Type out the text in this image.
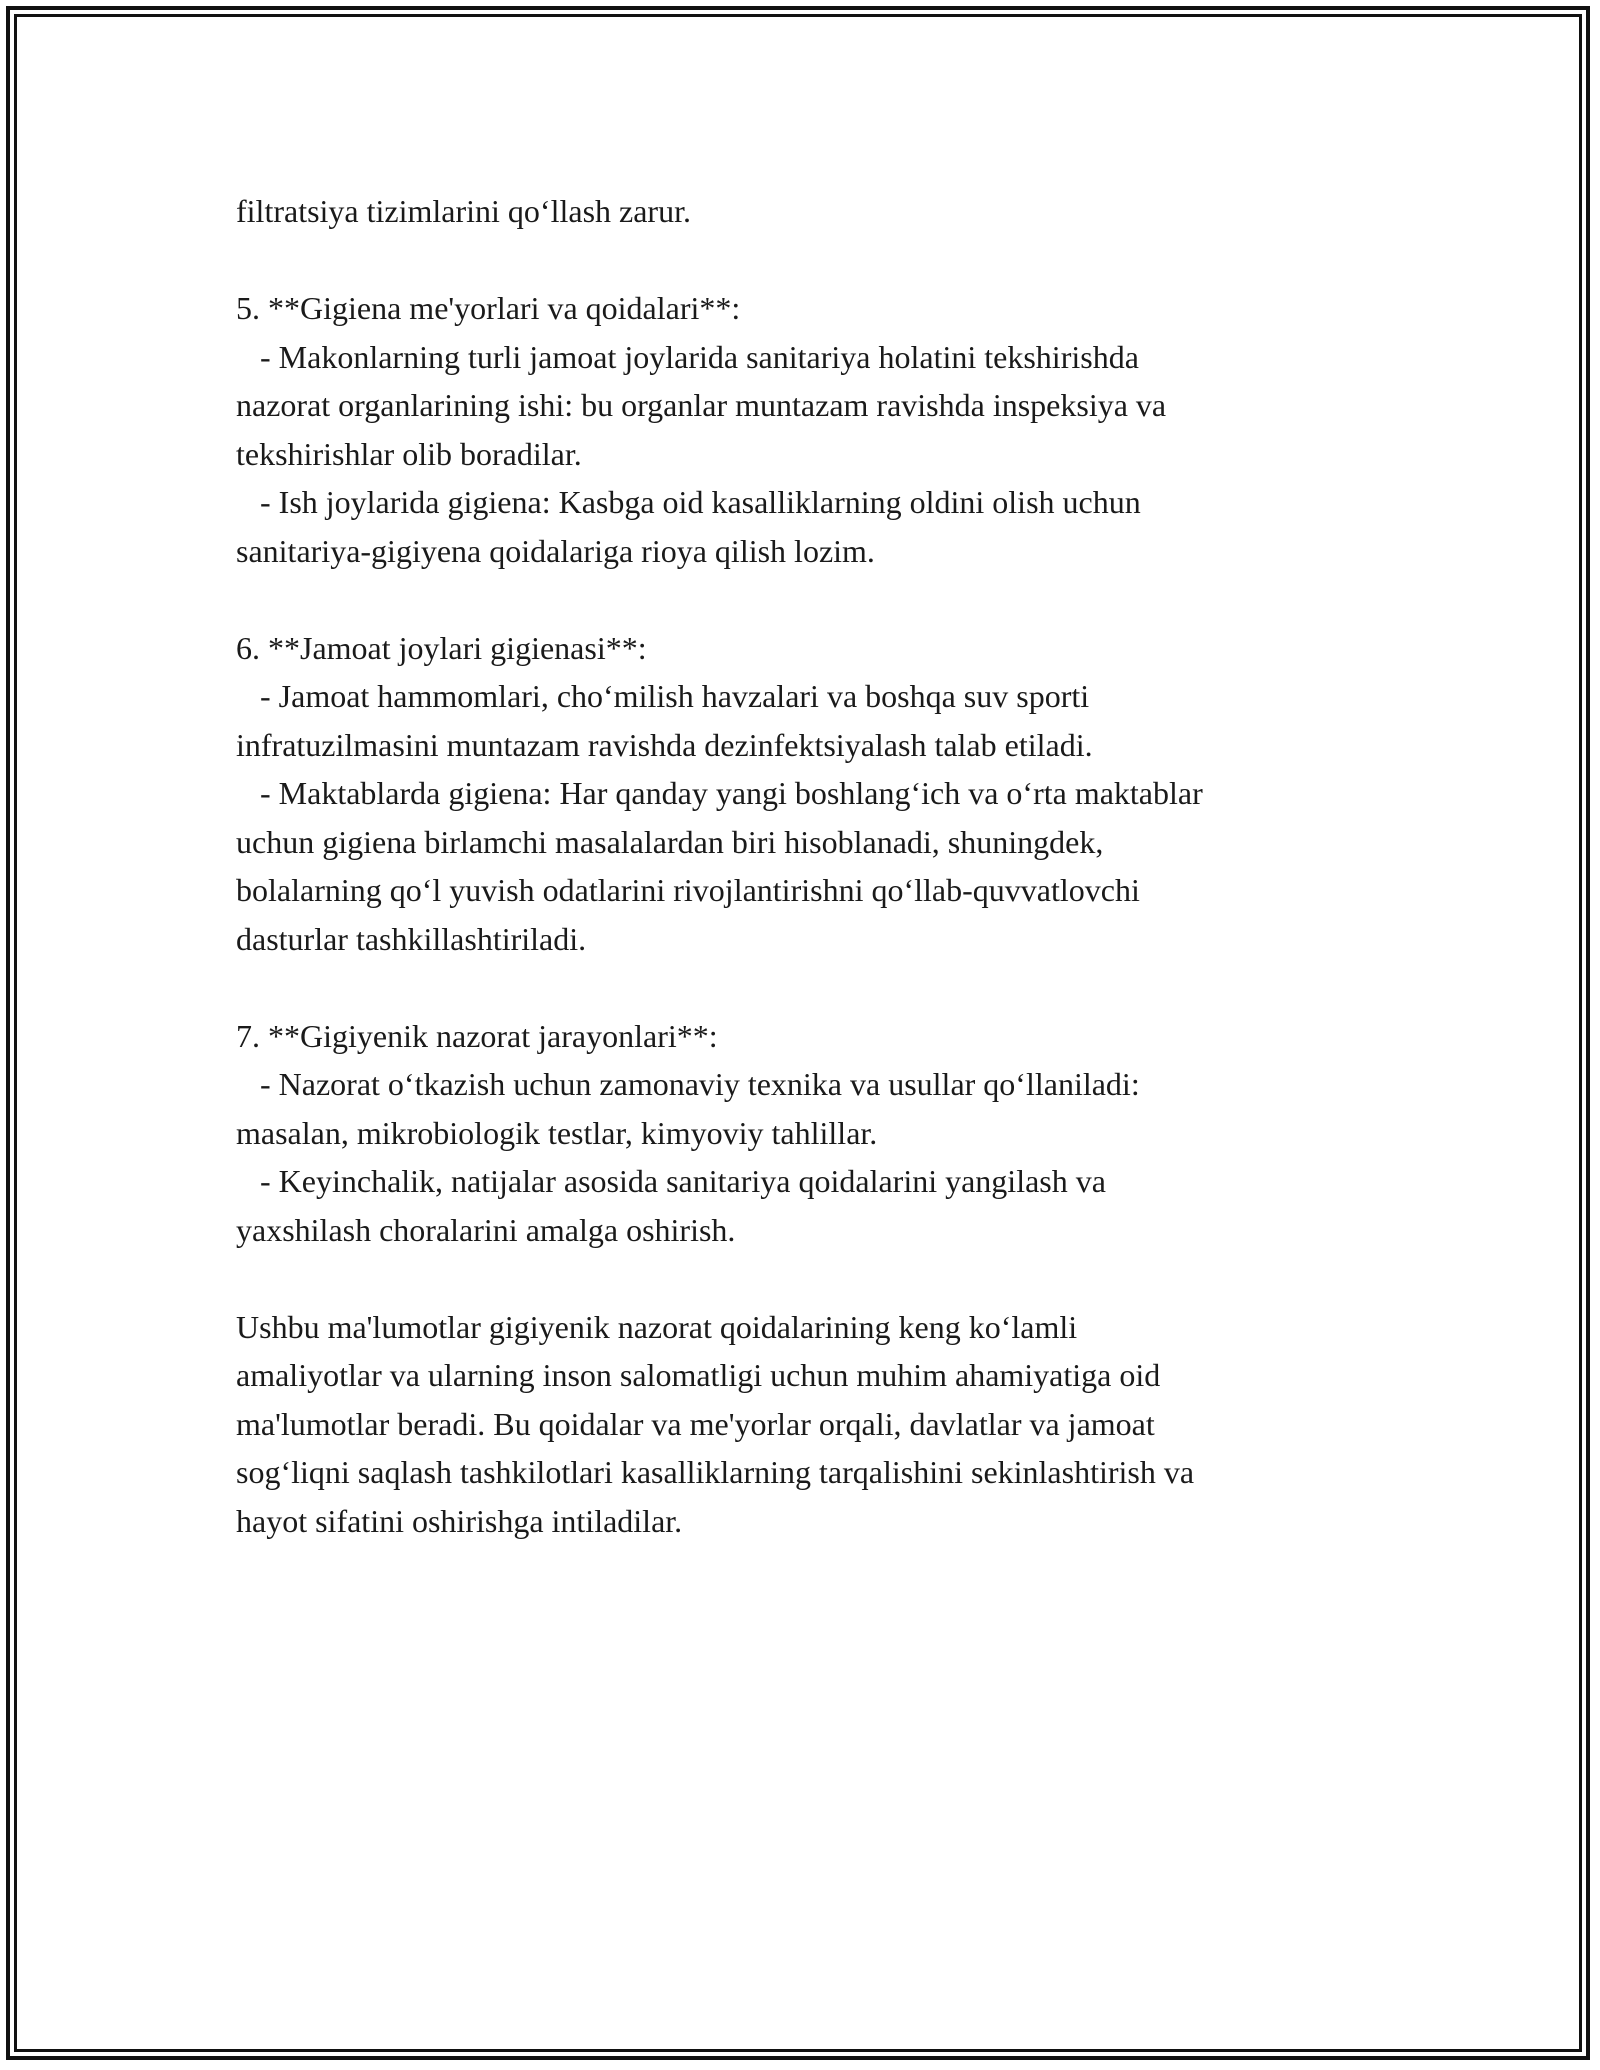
filtratsiya tizimlarini qo‘llash zarur.
5. **Gigiena me'yorlari va qoidalari**:
- Makonlarning turli jamoat joylarida sanitariya holatini tekshirishda
nazorat organlarining ishi: bu organlar muntazam ravishda inspeksiya va
tekshirishlar olib boradilar.
- Ish joylarida gigiena: Kasbga oid kasalliklarning oldini olish uchun
sanitariya-gigiyena qoidalariga rioya qilish lozim.
6. **Jamoat joylari gigienasi**:
- Jamoat hammomlari, cho‘milish havzalari va boshqa suv sporti
infratuzilmasini muntazam ravishda dezinfektsiyalash talab etiladi.
- Maktablarda gigiena: Har qanday yangi boshlang‘ich va o‘rta maktablar
uchun gigiena birlamchi masalalardan biri hisoblanadi, shuningdek,
bolalarning qo‘l yuvish odatlarini rivojlantirishni qo‘llab-quvvatlovchi
dasturlar tashkillashtiriladi.
7. **Gigiyenik nazorat jarayonlari**:
- Nazorat o‘tkazish uchun zamonaviy texnika va usullar qo‘llaniladi:
masalan, mikrobiologik testlar, kimyoviy tahlillar.
- Keyinchalik, natijalar asosida sanitariya qoidalarini yangilash va
yaxshilash choralarini amalga oshirish.
Ushbu ma'lumotlar gigiyenik nazorat qoidalarining keng ko‘lamli
amaliyotlar va ularning inson salomatligi uchun muhim ahamiyatiga oid
ma'lumotlar beradi. Bu qoidalar va me'yorlar orqali, davlatlar va jamoat
sog‘liqni saqlash tashkilotlari kasalliklarning tarqalishini sekinlashtirish va
hayot sifatini oshirishga intiladilar.
